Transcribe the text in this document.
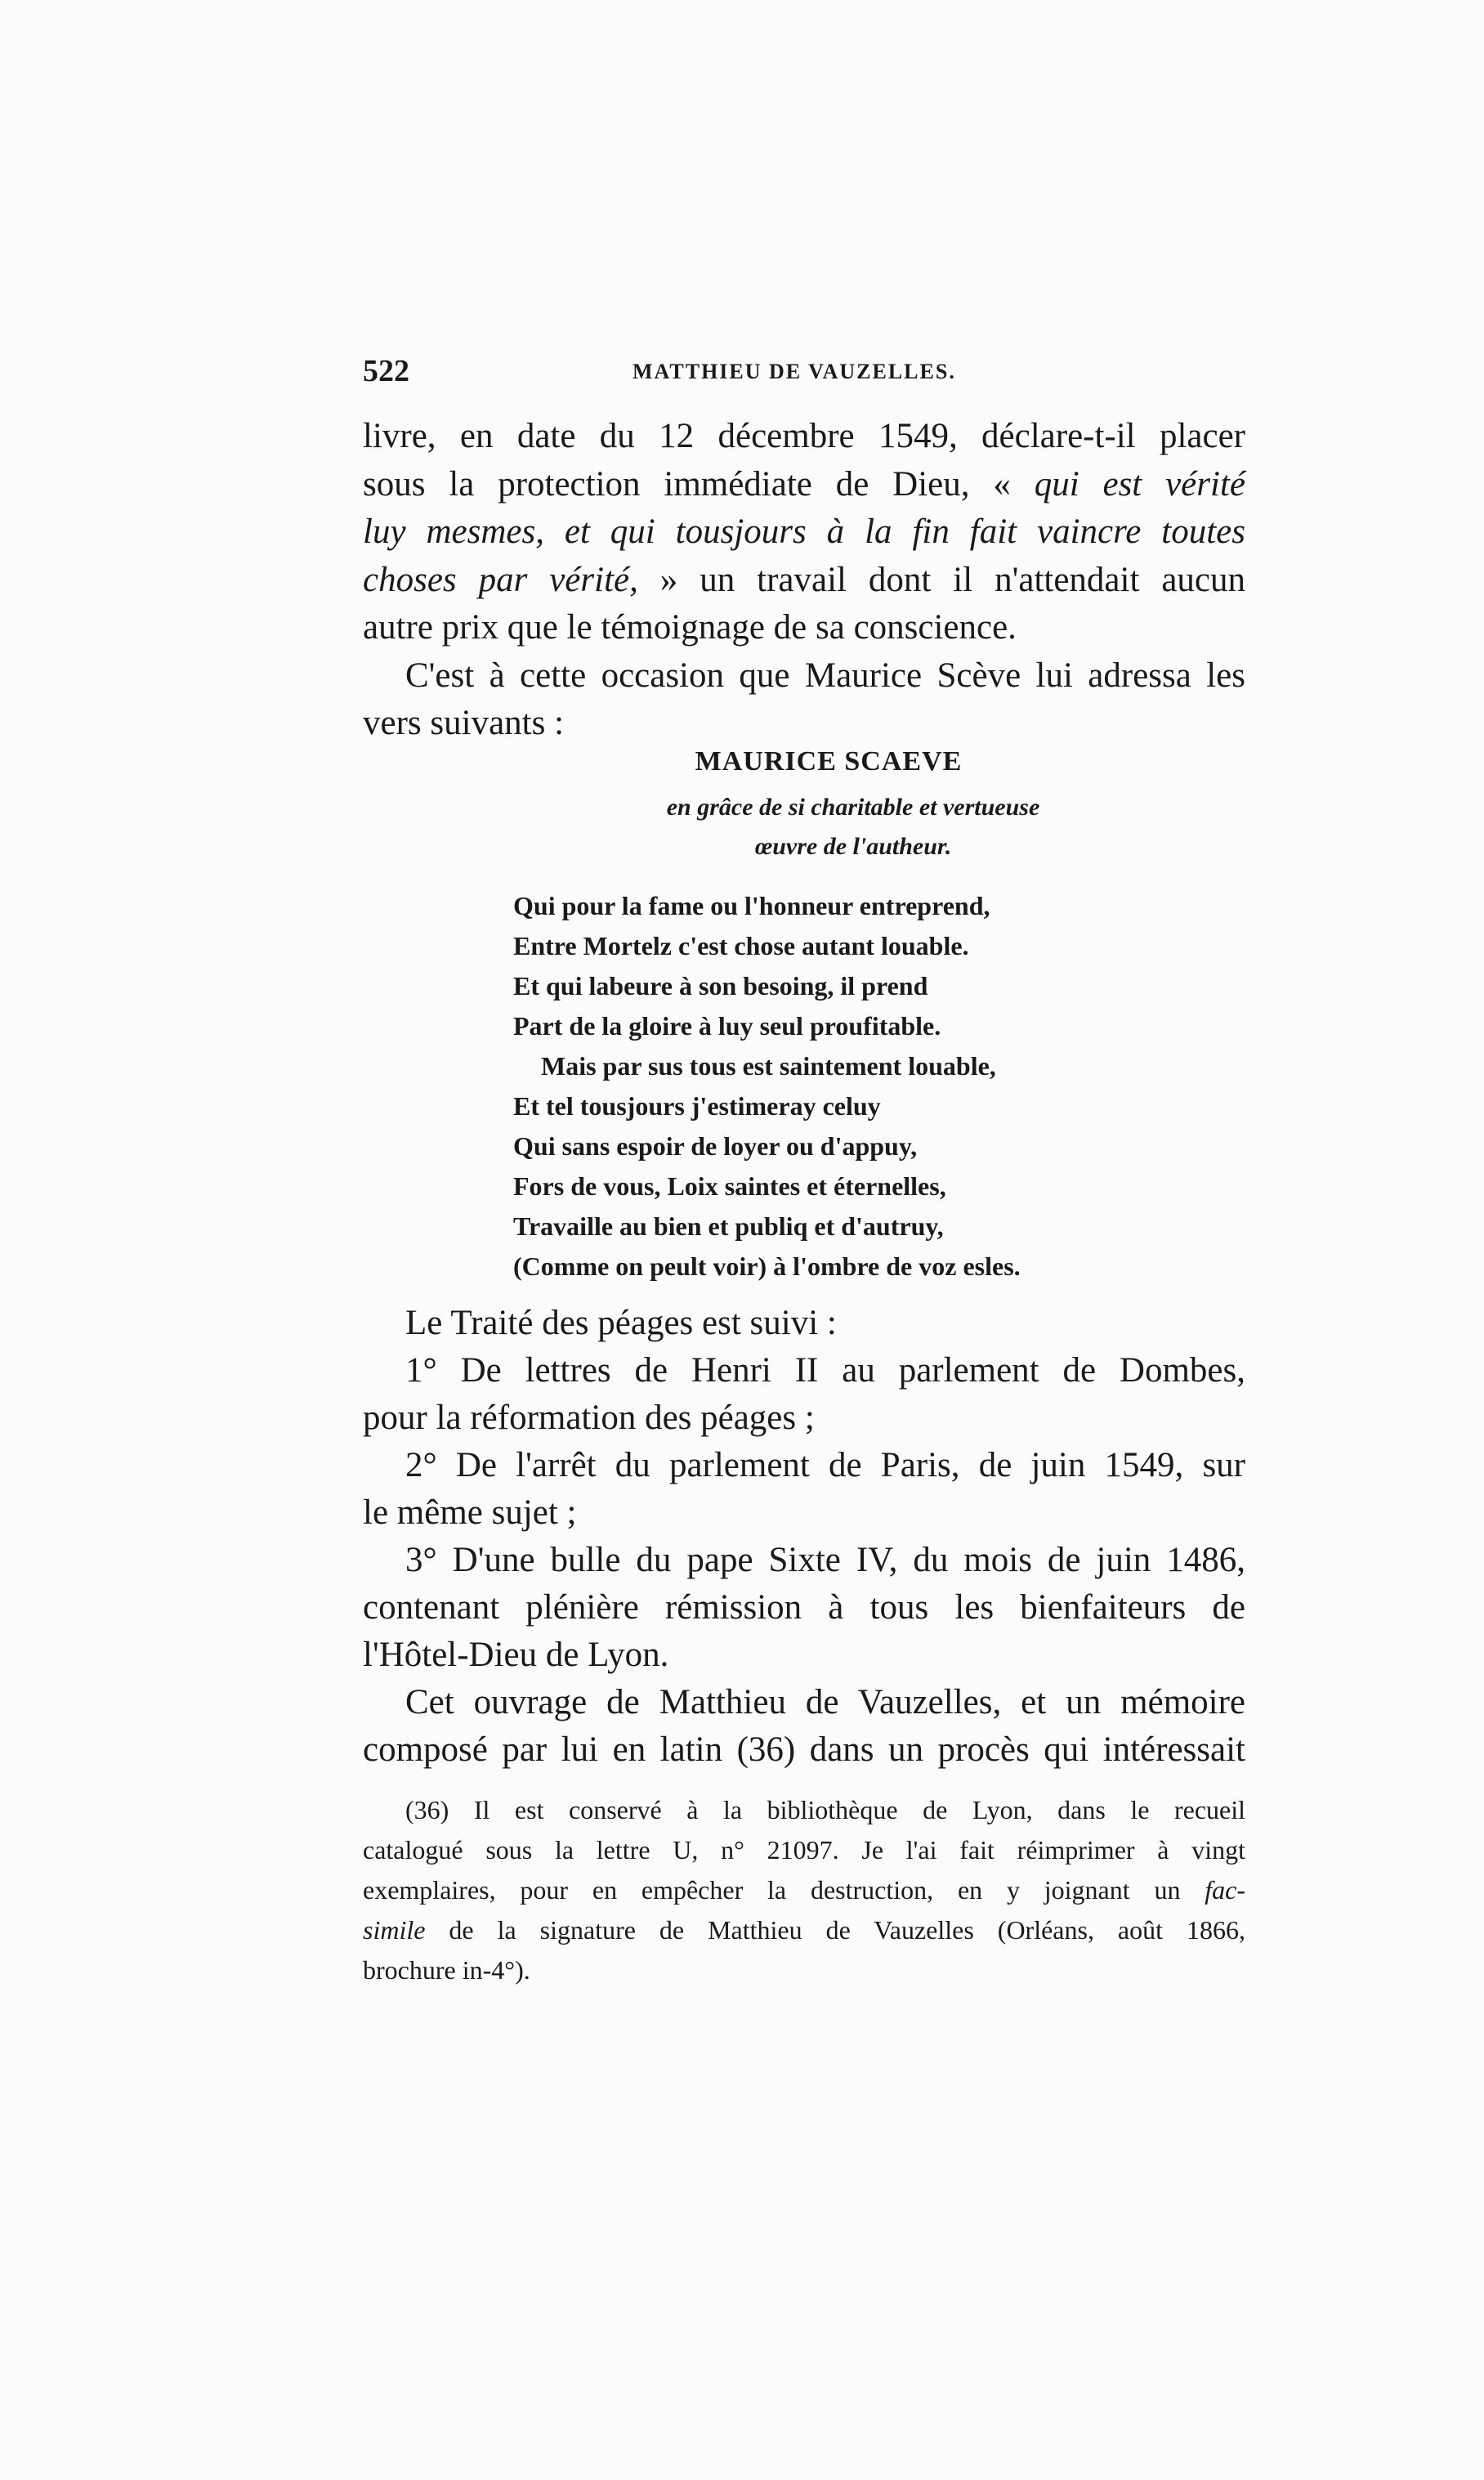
522	MATTHIEU DE VAUZELLES.
livre, en date du 12 décembre 1549, déclare-t-il placer
sous la protection immédiate de Dieu, « qui est vérité
luy mesmes, et qui tousjours à la fin fait vaincre toutes
choses par vérité, » un travail dont il n'attendait aucun
autre prix que le témoignage de sa conscience.
C'est à cette occasion que Maurice Scève lui adressa les
vers suivants :
MAURICE SCAEVE
en grâce de si charitable et vertueuse
œuvre de l'autheur.
Qui pour la fame ou l'honneur entreprend,
Entre Mortelz c'est chose autant louable.
Et qui labeure à son besoing, il prend
Part de la gloire à luy seul proufitable.
Mais par sus tous est saintement louable,
Et tel tousjours j'estimeray celuy
Qui sans espoir de loyer ou d'appuy,
Fors de vous, Loix saintes et éternelles,
Travaille au bien et publiq et d'autruy,
(Comme on peult voir) à l'ombre de voz esles.
Le Traité des péages est suivi :
1° De lettres de Henri II au parlement de Dombes,
pour la réformation des péages ;
2° De l'arrêt du parlement de Paris, de juin 1549, sur
le même sujet ;
3° D'une bulle du pape Sixte IV, du mois de juin 1486,
contenant plénière rémission à tous les bienfaiteurs de
l'Hôtel-Dieu de Lyon.
Cet ouvrage de Matthieu de Vauzelles, et un mémoire
composé par lui en latin (36) dans un procès qui intéressait
(36) Il est conservé à la bibliothèque de Lyon, dans le recueil
catalogué sous la lettre U, n° 21097. Je l'ai fait réimprimer à vingt
exemplaires, pour en empêcher la destruction, en y joignant un fac-
simile de la signature de Matthieu de Vauzelles (Orléans, août 1866,
brochure in-4°).
